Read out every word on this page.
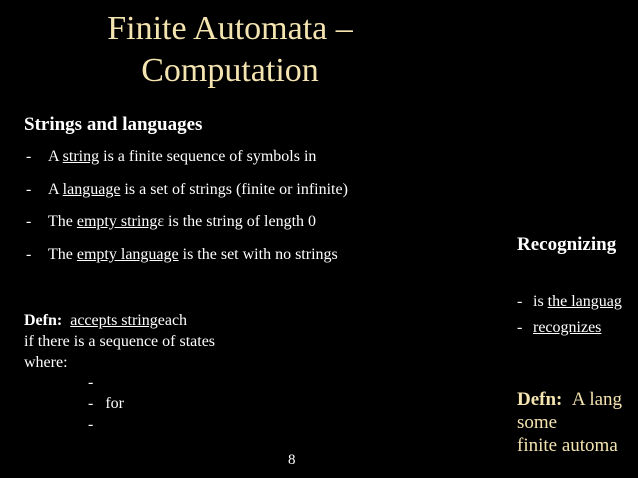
Finite Automata –
Computation
Strings and languages
- A string is a finite sequence of symbols in
- A language is a set of strings (finite or infinite)
- The empty stringε is the string of length 0
- The empty language is the set with no strings
Defn: accepts stringeach
if there is a sequence of states
where:
-
- for
-
Recognizing
- is the languag
- recognizes
Defn: A lang
some
finite automa
8
